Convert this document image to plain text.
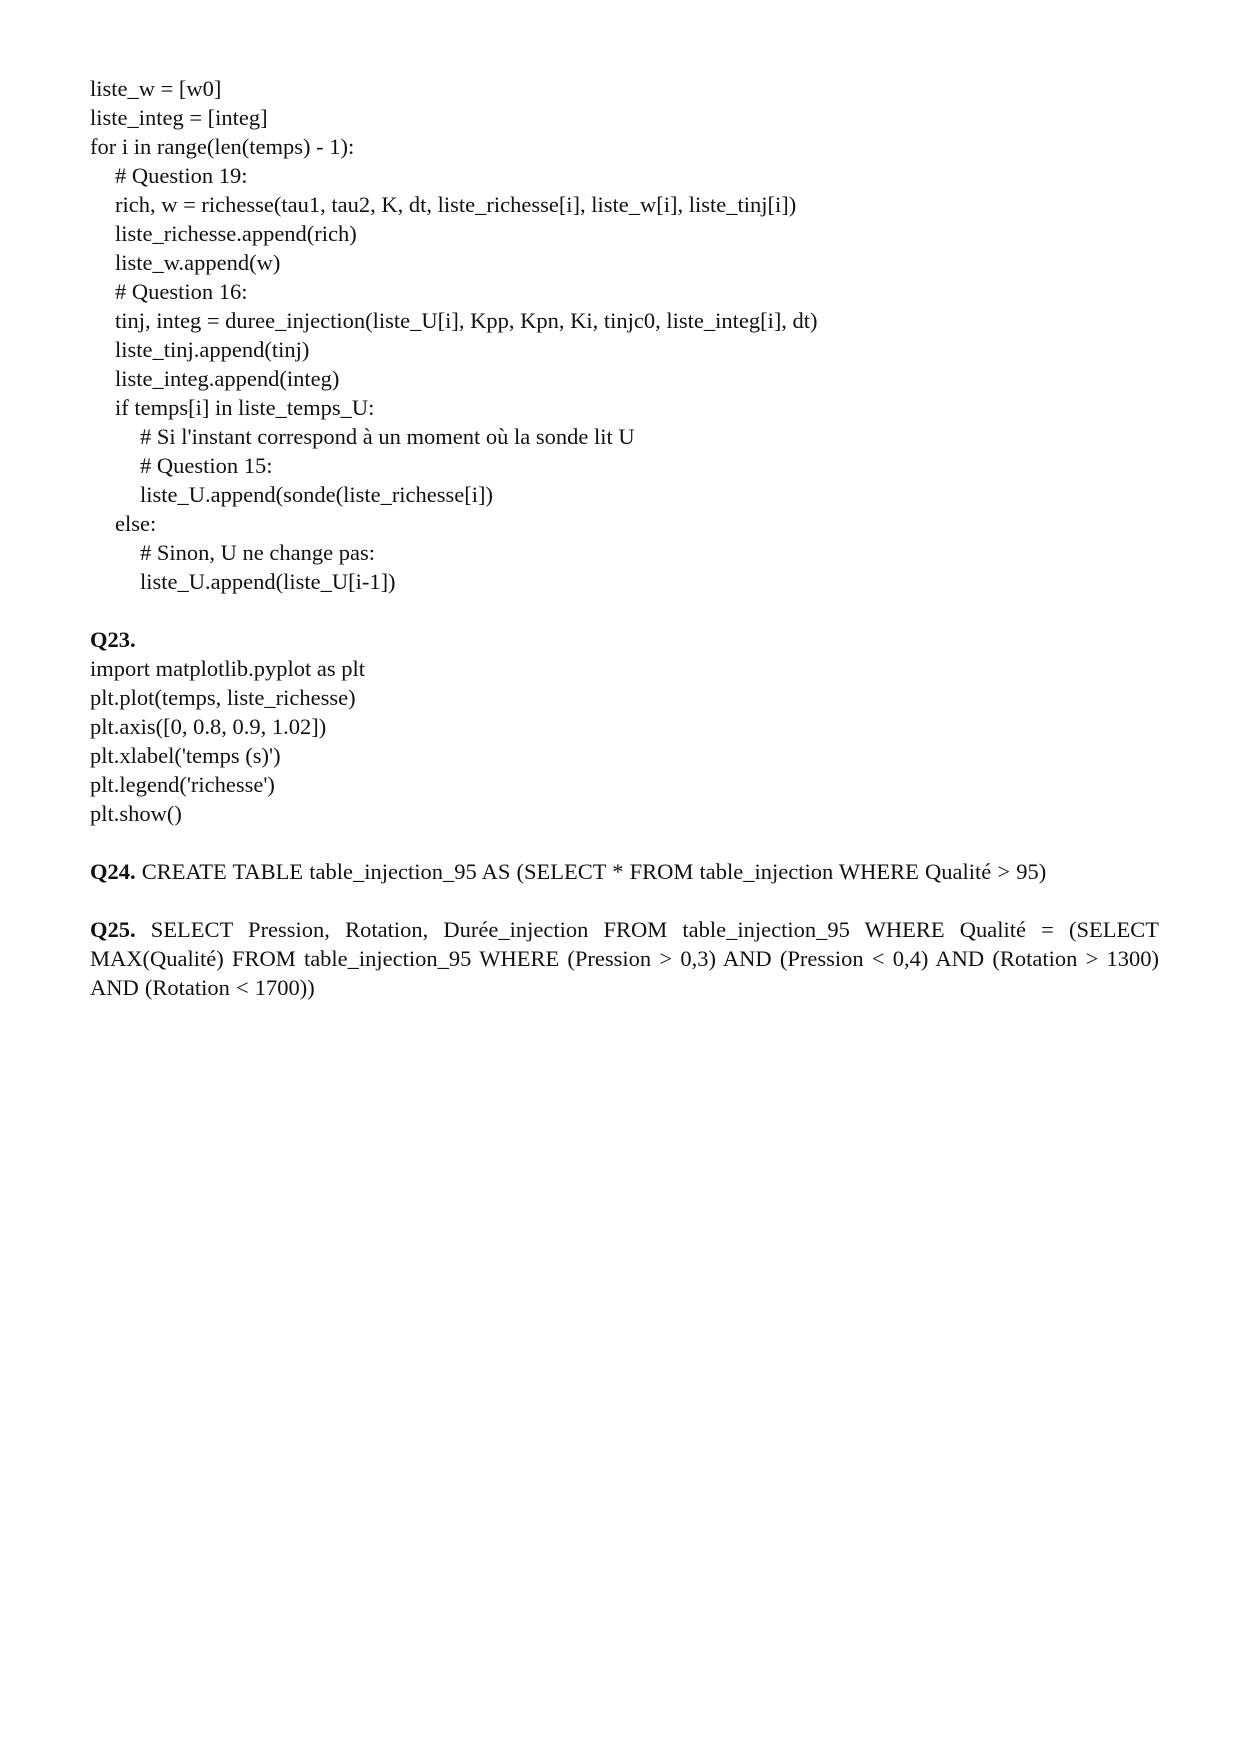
liste_w = [w0]
liste_integ = [integ]
for i in range(len(temps) - 1):
# Question 19:
rich, w = richesse(tau1, tau2, K, dt, liste_richesse[i], liste_w[i], liste_tinj[i])
liste_richesse.append(rich)
liste_w.append(w)
# Question 16:
tinj, integ = duree_injection(liste_U[i], Kpp, Kpn, Ki, tinjc0, liste_integ[i], dt)
liste_tinj.append(tinj)
liste_integ.append(integ)
if temps[i] in liste_temps_U:
# Si l'instant correspond à un moment où la sonde lit U
# Question 15:
liste_U.append(sonde(liste_richesse[i])
else:
# Sinon, U ne change pas:
liste_U.append(liste_U[i-1])
Q23.
import matplotlib.pyplot as plt
plt.plot(temps, liste_richesse)
plt.axis([0, 0.8, 0.9, 1.02])
plt.xlabel('temps (s)')
plt.legend('richesse')
plt.show()
Q24. CREATE TABLE table_injection_95 AS (SELECT * FROM table_injection WHERE Qualité > 95)
Q25. SELECT Pression, Rotation, Durée_injection FROM table_injection_95 WHERE Qualité = (SELECT MAX(Qualité) FROM table_injection_95 WHERE (Pression > 0,3) AND (Pression < 0,4) AND (Rotation > 1300) AND (Rotation < 1700))
